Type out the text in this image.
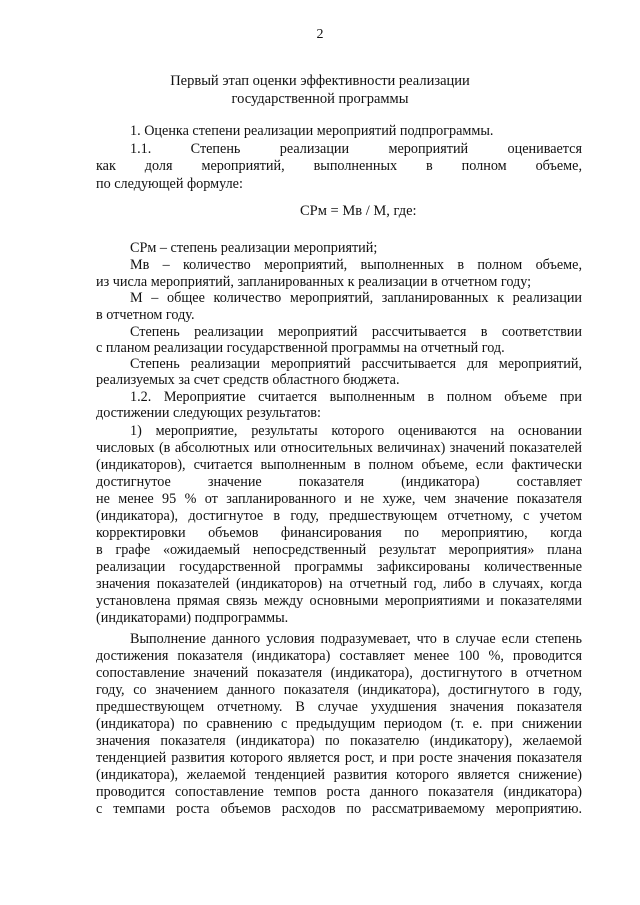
2
Первый этап оценки эффективности реализации
государственной программы
1. Оценка степени реализации мероприятий подпрограммы.
1.1. Степень реализации мероприятий оценивается
как доля мероприятий, выполненных в полном объеме,
по следующей формуле:
СРм = Мв / М, где:
СРм – степень реализации мероприятий;
Мв – количество мероприятий, выполненных в полном объеме,
из числа мероприятий, запланированных к реализации в отчетном году;
М – общее количество мероприятий, запланированных к реализации
в отчетном году.
Степень реализации мероприятий рассчитывается в соответствии
с планом реализации государственной программы на отчетный год.
Степень реализации мероприятий рассчитывается для мероприятий,
реализуемых за счет средств областного бюджета.
1.2. Мероприятие считается выполненным в полном объеме при
достижении следующих результатов:
1) мероприятие, результаты которого оцениваются на основании
числовых (в абсолютных или относительных величинах) значений показателей
(индикаторов), считается выполненным в полном объеме, если фактически
достигнутое значение показателя (индикатора) составляет
не менее 95 % от запланированного и не хуже, чем значение показателя
(индикатора), достигнутое в году, предшествующем отчетному, с учетом
корректировки объемов финансирования по мероприятию, когда
в графе «ожидаемый непосредственный результат мероприятия» плана
реализации государственной программы зафиксированы количественные
значения показателей (индикаторов) на отчетный год, либо в случаях, когда
установлена прямая связь между основными мероприятиями и показателями
(индикаторами) подпрограммы.
Выполнение данного условия подразумевает, что в случае если степень
достижения показателя (индикатора) составляет менее 100 %, проводится
сопоставление значений показателя (индикатора), достигнутого в отчетном
году, со значением данного показателя (индикатора), достигнутого в году,
предшествующем отчетному. В случае ухудшения значения показателя
(индикатора) по сравнению с предыдущим периодом (т. е. при снижении
значения показателя (индикатора) по показателю (индикатору), желаемой
тенденцией развития которого является рост, и при росте значения показателя
(индикатора), желаемой тенденцией развития которого является снижение)
проводится сопоставление темпов роста данного показателя (индикатора)
с темпами роста объемов расходов по рассматриваемому мероприятию.
